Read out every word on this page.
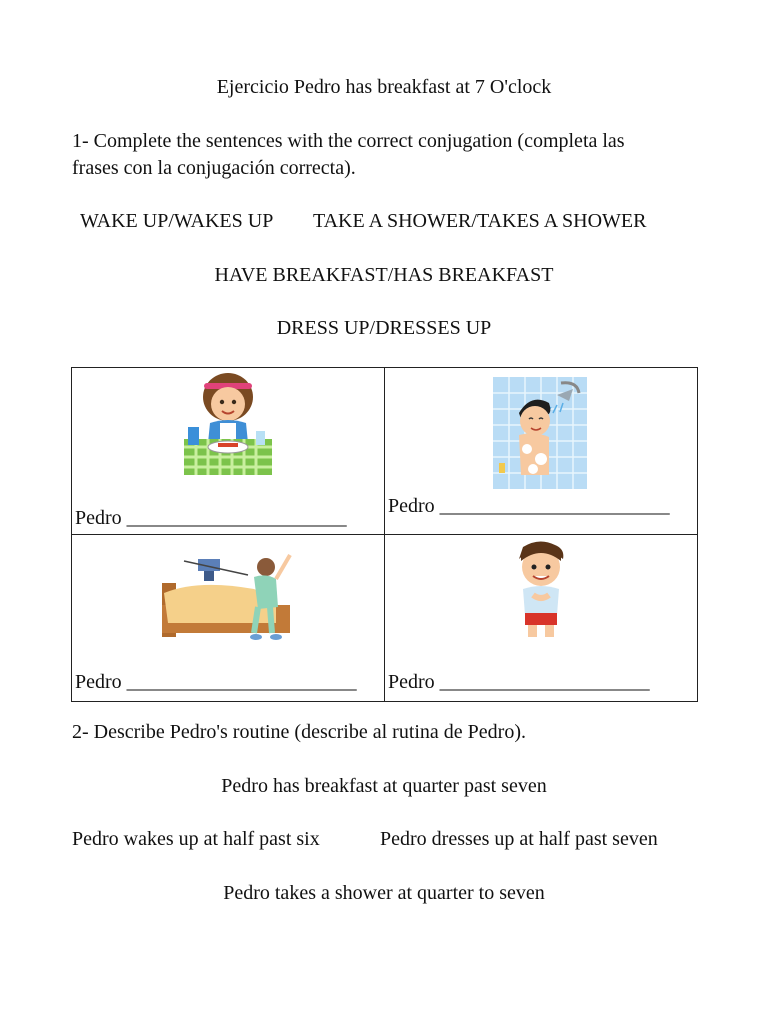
Ejercicio Pedro has breakfast at 7 O'clock
1- Complete the sentences with the correct conjugation (completa las
frases con la conjugación correcta).
WAKE UP/WAKES UP TAKE A SHOWER/TAKES A SHOWER
HAVE BREAKFAST/HAS BREAKFAST
DRESS UP/DRESSES UP
Pedro ______________________	Pedro _______________________

Pedro _______________________	Pedro _____________________
2- Describe Pedro's routine (describe al rutina de Pedro).
Pedro has breakfast at quarter past seven
Pedro wakes up at half past six	Pedro dresses up at half past seven
Pedro takes a shower at quarter to seven
